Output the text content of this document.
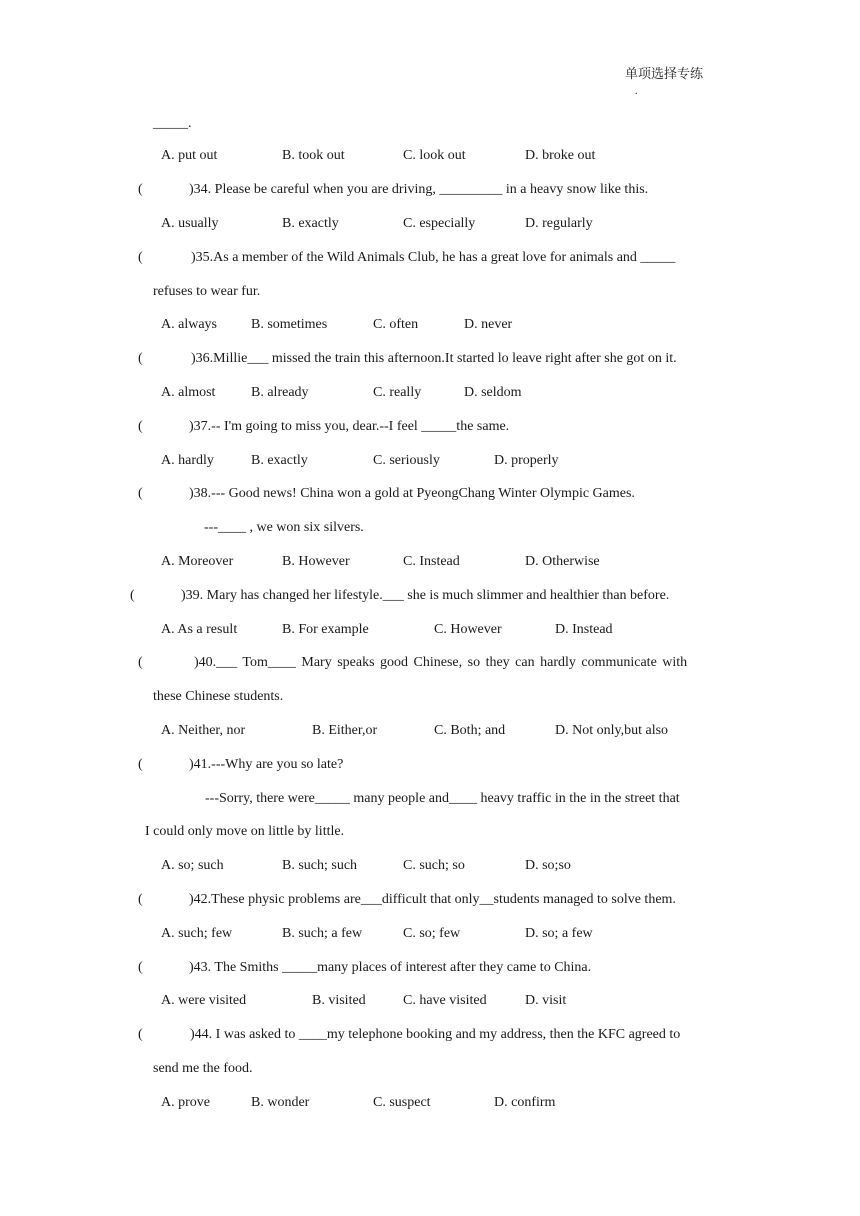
单项选择专练
.
_____.
A. put out	B. took out	C. look out	D. broke out
(	)34. Please be careful when you are driving, _________ in a heavy snow like this.
A. usually	B. exactly	C. especially	D. regularly
(	)35.As a member of the Wild Animals Club, he has a great love for animals and _____
refuses to wear fur.
A. always B. sometimes	C. often	D. never
(	)36.Millie___ missed the train this afternoon.It started lo leave right after she got on it.
A. almost	B. already	C. really	D. seldom
(	)37.-- I'm going to miss you, dear.--I feel _____the same.
A. hardly	B. exactly	C. seriously	D. properly
(	)38.--- Good news! China won a gold at PyeongChang Winter Olympic Games.
---____ , we won six silvers.
A. Moreover	B. However	C. Instead	D. Otherwise
(	)39. Mary has changed her lifestyle.___ she is much slimmer and healthier than before.
A. As a result	B. For example	C. However	D. Instead
(	)40.___ Tom____ Mary speaks good Chinese, so they can hardly communicate with
these Chinese students.
A. Neither, nor	B. Either,or	C. Both; and	D. Not only,but also
(	)41.---Why are you so late?
---Sorry, there were_____ many people and____ heavy traffic in the in the street that
I could only move on little by little.
A. so; such	B. such; such	C. such; so	D. so;so
(	)42.These physic problems are___difficult that only__students managed to solve them.
A. such; few	B. such; a few	C. so; few	D. so; a few
(	)43. The Smiths _____many places of interest after they came to China.
A. were visited	B. visited	C. have visited	D. visit
(	)44. I was asked to ____my telephone booking and my address, then the KFC agreed to
send me the food.
A. prove	B. wonder	C. suspect	D. confirm
